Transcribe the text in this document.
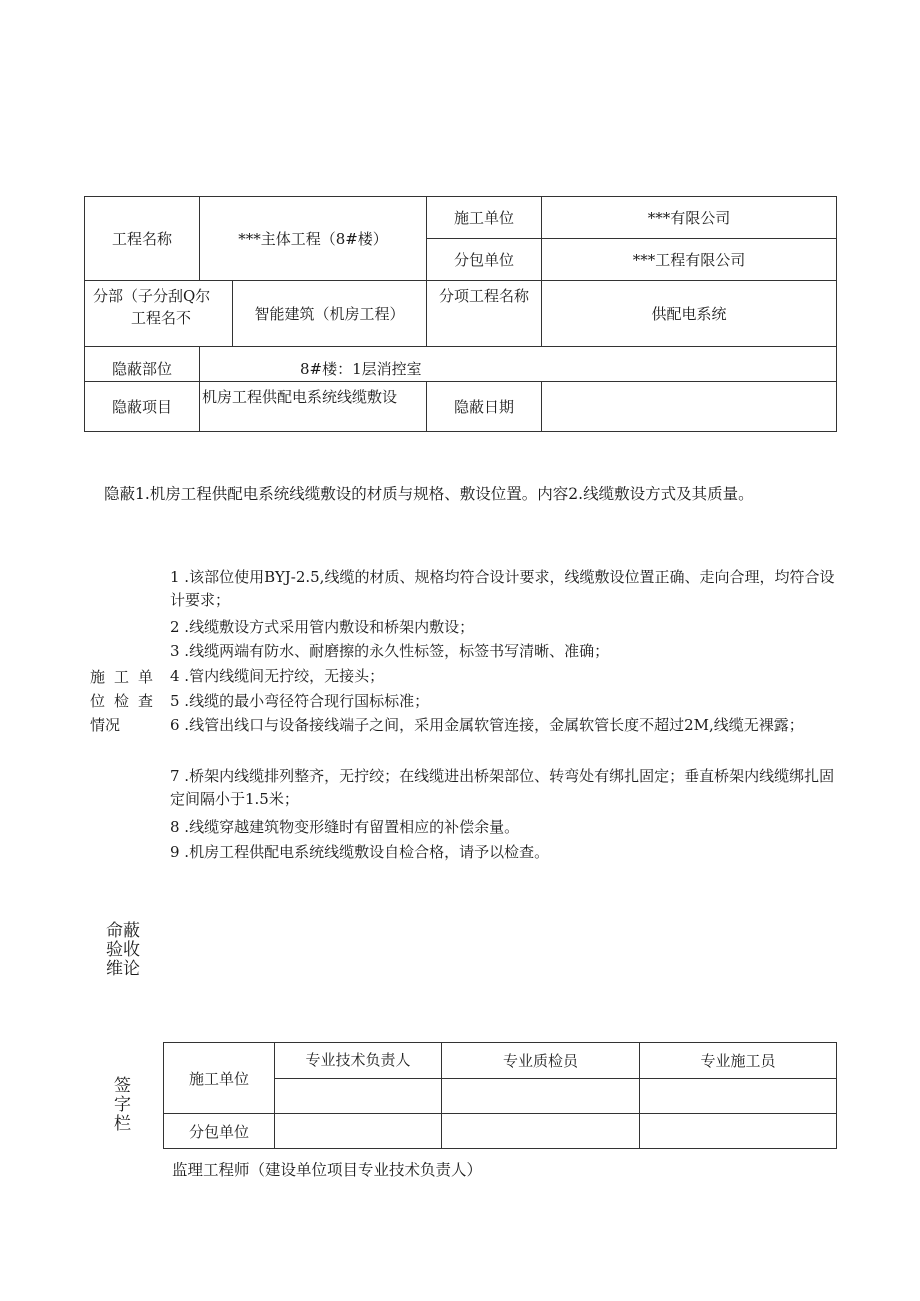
工程名称	***主体工程（8#楼）		施工单位	***有限公司
			分包单位	***工程有限公司

分部（子分刮Q尔
工程名不		智能建筑（机房工程）	分项工程名称	供配电系统
隐蔽部位	8#楼：1层消控室			
隐蔽项目	机房工程供配电系统线缆敷设		隐蔽日期	
隐蔽1.机房工程供配电系统线缆敷设的材质与规格、敷设位置。内容2.线缆敷设方式及其质量。
施工单
位检查
情况
1 .该部位使用BYJ-2.5,线缆的材质、规格均符合设计要求，线缆敷设位置正确、走向合理，均符合设计要求；
2 .线缆敷设方式采用管内敷设和桥架内敷设；
3 .线缆两端有防水、耐磨擦的永久性标签，标签书写清晰、准确；
4 .管内线缆间无拧绞，无接头；
5 .线缆的最小弯径符合现行国标标准；
6 .线管出线口与设备接线端子之间，采用金属软管连接，金属软管长度不超过2M,线缆无裸露；
7 .桥架内线缆排列整齐，无拧绞；在线缆进出桥架部位、转弯处有绑扎固定；垂直桥架内线缆绑扎固定间隔小于1.5米；
8 .线缆穿越建筑物变形缝时有留置相应的补偿余量。
9 .机房工程供配电系统线缆敷设自检合格，请予以检查。
命蔽
验收
维论
签
字
栏
施工单位	专业技术负责人	专业质检员	专业施工员

分包单位			
监理工程师（建设单位项目专业技术负责人）
